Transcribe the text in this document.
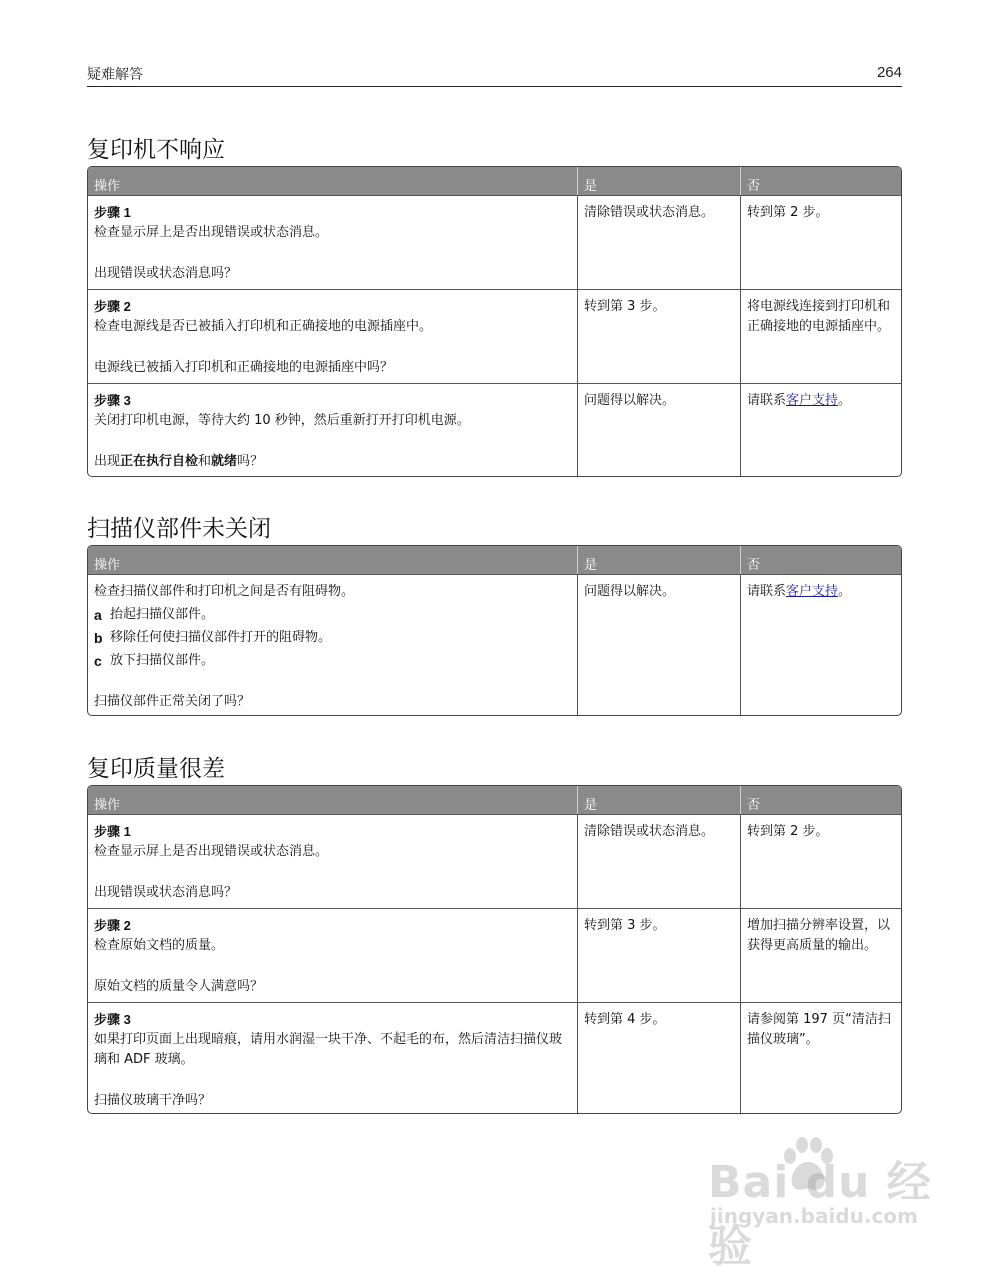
疑难解答	264
复印机不响应
操作	是	否
步骤 1
检查显示屏上是否出现错误或状态消息。
出现错误或状态消息吗？
清除错误或状态消息。	转到第 2 步。
步骤 2
检查电源线是否已被插入打印机和正确接地的电源插座中。
电源线已被插入打印机和正确接地的电源插座中吗？
转到第 3 步。	将电源线连接到打印机和正确接地的电源插座中。
步骤 3
关闭打印机电源，等待大约 10 秒钟，然后重新打开打印机电源。
出现正在执行自检和就绪吗？
问题得以解决。	请联系客户支持。
扫描仪部件未关闭
操作	是	否
检查扫描仪部件和打印机之间是否有阻碍物。
a 抬起扫描仪部件。
b 移除任何使扫描仪部件打开的阻碍物。
c 放下扫描仪部件。
扫描仪部件正常关闭了吗？
问题得以解决。	请联系客户支持。
复印质量很差
操作	是	否
步骤 1
检查显示屏上是否出现错误或状态消息。
出现错误或状态消息吗？
清除错误或状态消息。	转到第 2 步。
步骤 2
检查原始文档的质量。
原始文档的质量令人满意吗？
转到第 3 步。	增加扫描分辨率设置，以获得更高质量的输出。
步骤 3
如果打印页面上出现暗痕，请用水润湿一块干净、不起毛的布，然后清洁扫描仪玻璃和 ADF 玻璃。
扫描仪玻璃干净吗？
转到第 4 步。	请参阅第 197 页“清洁扫描仪玻璃”。
Bai du 经验
jingyan.baidu.com
